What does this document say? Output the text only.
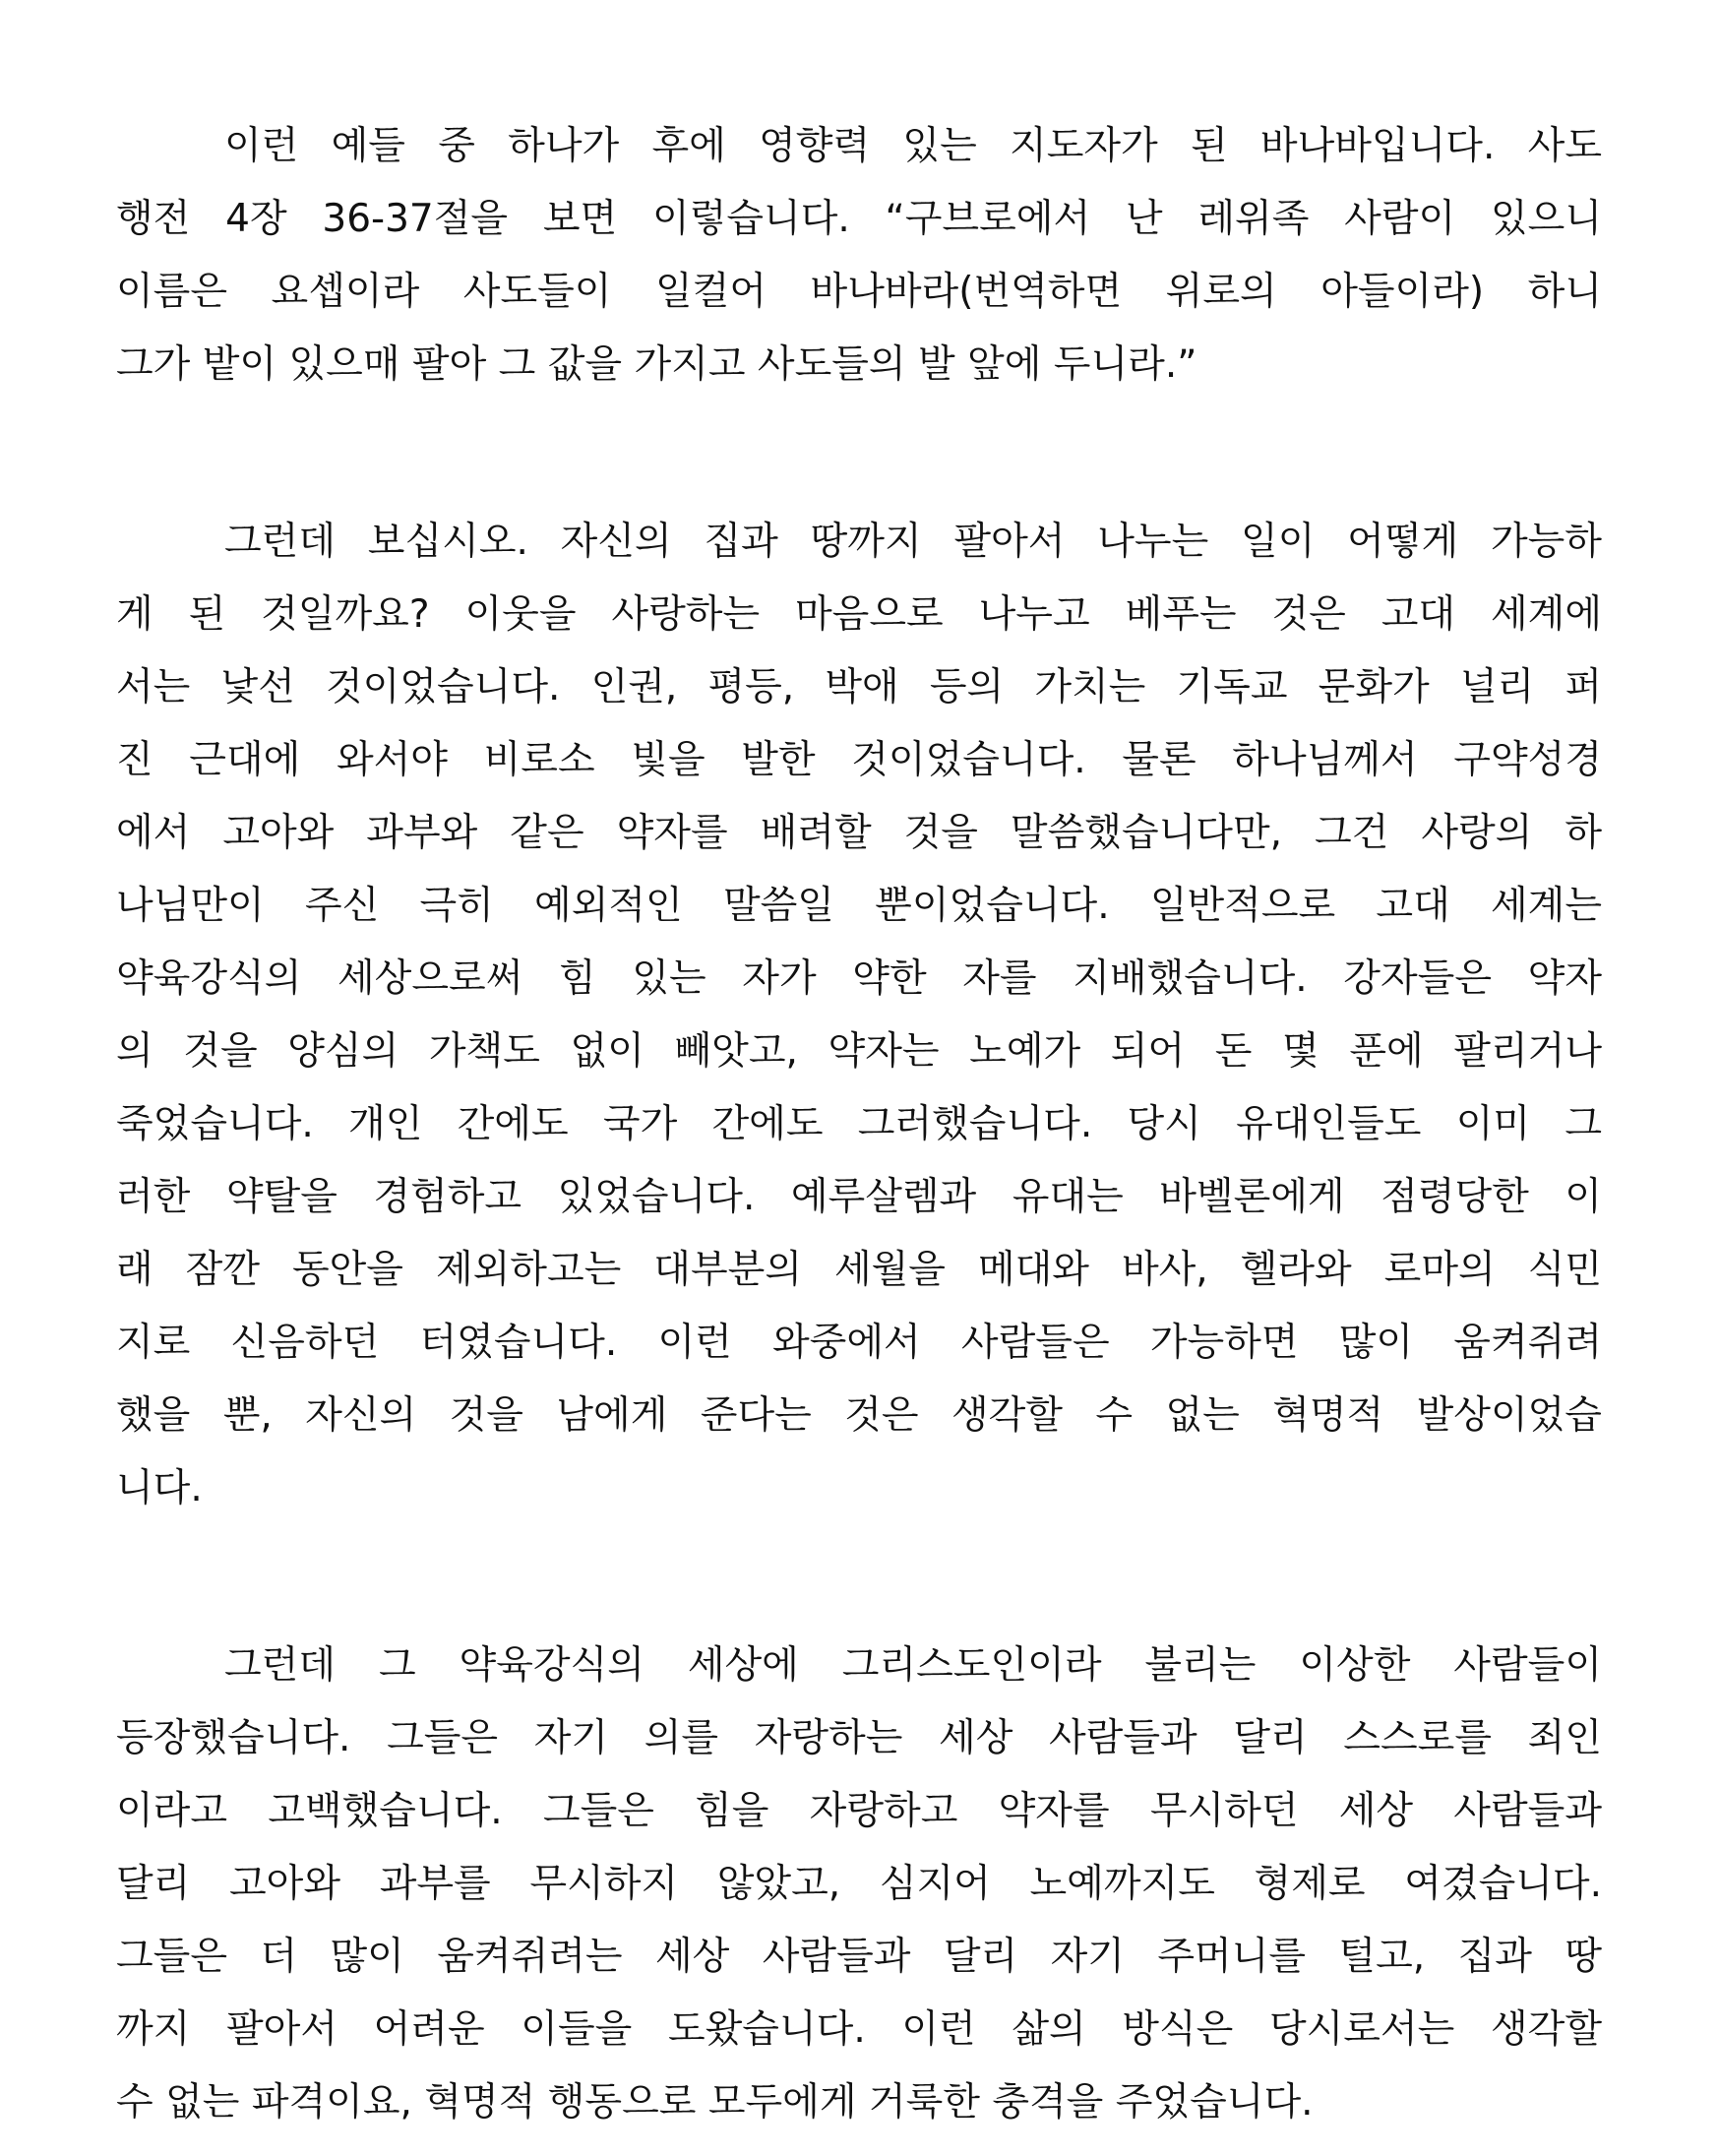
이런 예들 중 하나가 후에 영향력 있는 지도자가 된 바나바입니다. 사도
행전 4장 36-37절을 보면 이렇습니다. “구브로에서 난 레위족 사람이 있으니
이름은 요셉이라 사도들이 일컬어 바나바라(번역하면 위로의 아들이라) 하니
그가 밭이 있으매 팔아 그 값을 가지고 사도들의 발 앞에 두니라.”
그런데 보십시오. 자신의 집과 땅까지 팔아서 나누는 일이 어떻게 가능하
게 된 것일까요? 이웃을 사랑하는 마음으로 나누고 베푸는 것은 고대 세계에
서는 낯선 것이었습니다. 인권, 평등, 박애 등의 가치는 기독교 문화가 널리 퍼
진 근대에 와서야 비로소 빛을 발한 것이었습니다. 물론 하나님께서 구약성경
에서 고아와 과부와 같은 약자를 배려할 것을 말씀했습니다만, 그건 사랑의 하
나님만이 주신 극히 예외적인 말씀일 뿐이었습니다. 일반적으로 고대 세계는
약육강식의 세상으로써 힘 있는 자가 약한 자를 지배했습니다. 강자들은 약자
의 것을 양심의 가책도 없이 빼앗고, 약자는 노예가 되어 돈 몇 푼에 팔리거나
죽었습니다. 개인 간에도 국가 간에도 그러했습니다. 당시 유대인들도 이미 그
러한 약탈을 경험하고 있었습니다. 예루살렘과 유대는 바벨론에게 점령당한 이
래 잠깐 동안을 제외하고는 대부분의 세월을 메대와 바사, 헬라와 로마의 식민
지로 신음하던 터였습니다. 이런 와중에서 사람들은 가능하면 많이 움켜쥐려
했을 뿐, 자신의 것을 남에게 준다는 것은 생각할 수 없는 혁명적 발상이었습
니다.
그런데 그 약육강식의 세상에 그리스도인이라 불리는 이상한 사람들이
등장했습니다. 그들은 자기 의를 자랑하는 세상 사람들과 달리 스스로를 죄인
이라고 고백했습니다. 그들은 힘을 자랑하고 약자를 무시하던 세상 사람들과
달리 고아와 과부를 무시하지 않았고, 심지어 노예까지도 형제로 여겼습니다.
그들은 더 많이 움켜쥐려는 세상 사람들과 달리 자기 주머니를 털고, 집과 땅
까지 팔아서 어려운 이들을 도왔습니다. 이런 삶의 방식은 당시로서는 생각할
수 없는 파격이요, 혁명적 행동으로 모두에게 거룩한 충격을 주었습니다.
